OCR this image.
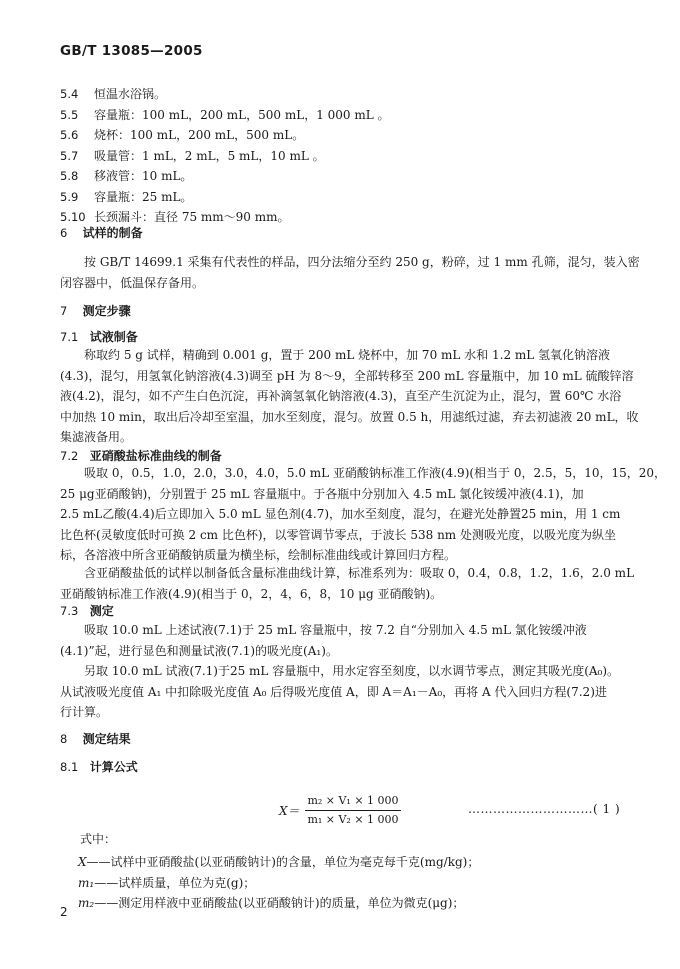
GB/T 13085—2005
5.4 恒温水浴锅。
5.5 容量瓶：100 mL，200 mL，500 mL，1 000 mL 。
5.6 烧杯：100 mL，200 mL，500 mL。
5.7 吸量管：1 mL，2 mL，5 mL，10 mL 。
5.8 移液管：10 mL。
5.9 容量瓶：25 mL。
5.10 长颈漏斗：直径 75 mm～90 mm。
6 试样的制备
按 GB/T 14699.1 采集有代表性的样品，四分法缩分至约 250 g，粉碎，过 1 mm 孔筛，混匀，装入密
闭容器中，低温保存备用。
7 测定步骤
7.1 试液制备
称取约 5 g 试样，精确到 0.001 g，置于 200 mL 烧杯中，加 70 mL 水和 1.2 mL 氢氧化钠溶液
(4.3)，混匀，用氢氧化钠溶液(4.3)调至 pH 为 8～9，全部转移至 200 mL 容量瓶中，加 10 mL 硫酸锌溶
液(4.2)，混匀，如不产生白色沉淀，再补滴氢氧化钠溶液(4.3)，直至产生沉淀为止，混匀，置 60℃ 水浴
中加热 10 min，取出后冷却至室温，加水至刻度，混匀。放置 0.5 h，用滤纸过滤，弃去初滤液 20 mL，收
集滤液备用。
7.2 亚硝酸盐标准曲线的制备
吸取 0，0.5，1.0，2.0，3.0，4.0，5.0 mL 亚硝酸钠标准工作液(4.9)(相当于 0，2.5，5，10，15，20，
25 μg亚硝酸钠)，分别置于 25 mL 容量瓶中。于各瓶中分别加入 4.5 mL 氯化铵缓冲液(4.1)，加
2.5 mL乙酸(4.4)后立即加入 5.0 mL 显色剂(4.7)，加水至刻度，混匀，在避光处静置25 min，用 1 cm
比色杯(灵敏度低时可换 2 cm 比色杯)，以零管调节零点，于波长 538 nm 处测吸光度，以吸光度为纵坐
标，各溶液中所含亚硝酸钠质量为横坐标，绘制标准曲线或计算回归方程。
含亚硝酸盐低的试样以制备低含量标准曲线计算，标准系列为：吸取 0，0.4，0.8，1.2，1.6，2.0 mL
亚硝酸钠标准工作液(4.9)(相当于 0，2，4，6，8，10 μg 亚硝酸钠)。
7.3 测定
吸取 10.0 mL 上述试液(7.1)于 25 mL 容量瓶中，按 7.2 自“分别加入 4.5 mL 氯化铵缓冲液
(4.1)”起，进行显色和测量试液(7.1)的吸光度(A₁)。
另取 10.0 mL 试液(7.1)于25 mL 容量瓶中，用水定容至刻度，以水调节零点，测定其吸光度(A₀)。
从试液吸光度值 A₁ 中扣除吸光度值 A₀ 后得吸光度值 A，即 A＝A₁－A₀，再将 A 代入回归方程(7.2)进
行计算。
8 测定结果
8.1 计算公式
X＝
m₂ × V₁ × 1 000
m₁ × V₂ × 1 000
…………………………( 1 )
式中：
X——试样中亚硝酸盐(以亚硝酸钠计)的含量，单位为毫克每千克(mg/kg)；
m₁——试样质量，单位为克(g)；
m₂——测定用样液中亚硝酸盐(以亚硝酸钠计)的质量，单位为微克(μg)；
2
